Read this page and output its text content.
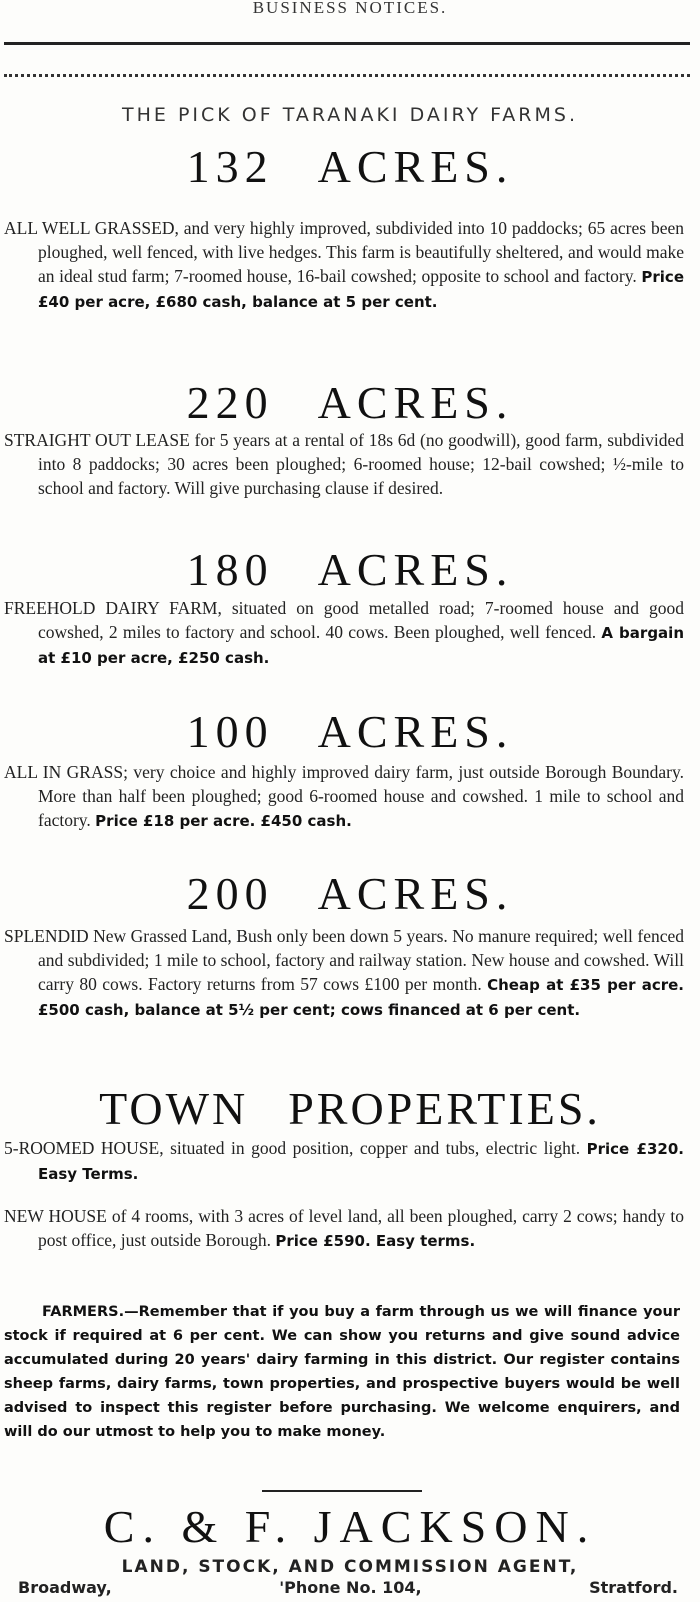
BUSINESS NOTICES.
THE PICK OF TARANAKI DAIRY FARMS.
132 ACRES.
ALL WELL GRASSED, and very highly improved, subdivided into 10 paddocks; 65 acres been ploughed, well fenced, with live hedges. This farm is beautifully sheltered, and would make an ideal stud farm; 7-roomed house, 16-bail cowshed; opposite to school and factory. Price £40 per acre, £680 cash, balance at 5 per cent.
220 ACRES.
STRAIGHT OUT LEASE for 5 years at a rental of 18s 6d (no goodwill), good farm, subdivided into 8 paddocks; 30 acres been ploughed; 6-roomed house; 12-bail cowshed; ½-mile to school and factory. Will give purchasing clause if desired.
180 ACRES.
FREEHOLD DAIRY FARM, situated on good metalled road; 7-roomed house and good cowshed, 2 miles to factory and school. 40 cows. Been ploughed, well fenced. A bargain at £10 per acre, £250 cash.
100 ACRES.
ALL IN GRASS; very choice and highly improved dairy farm, just outside Borough Boundary. More than half been ploughed; good 6-roomed house and cowshed. 1 mile to school and factory. Price £18 per acre. £450 cash.
200 ACRES.
SPLENDID New Grassed Land, Bush only been down 5 years. No manure required; well fenced and subdivided; 1 mile to school, factory and railway station. New house and cowshed. Will carry 80 cows. Factory returns from 57 cows £100 per month. Cheap at £35 per acre. £500 cash, balance at 5½ per cent; cows financed at 6 per cent.
TOWN PROPERTIES.
5-ROOMED HOUSE, situated in good position, copper and tubs, electric light. Price £320. Easy Terms.
NEW HOUSE of 4 rooms, with 3 acres of level land, all been ploughed, carry 2 cows; handy to post office, just outside Borough. Price £590. Easy terms.
FARMERS.—Remember that if you buy a farm through us we will finance your stock if required at 6 per cent. We can show you returns and give sound advice accumulated during 20 years' dairy farming in this district. Our register contains sheep farms, dairy farms, town properties, and prospective buyers would be well advised to inspect this register before purchasing. We welcome enquirers, and will do our utmost to help you to make money.
C. & F. JACKSON.
LAND, STOCK, AND COMMISSION AGENT,
Broadway,	'Phone No. 104,	Stratford.
